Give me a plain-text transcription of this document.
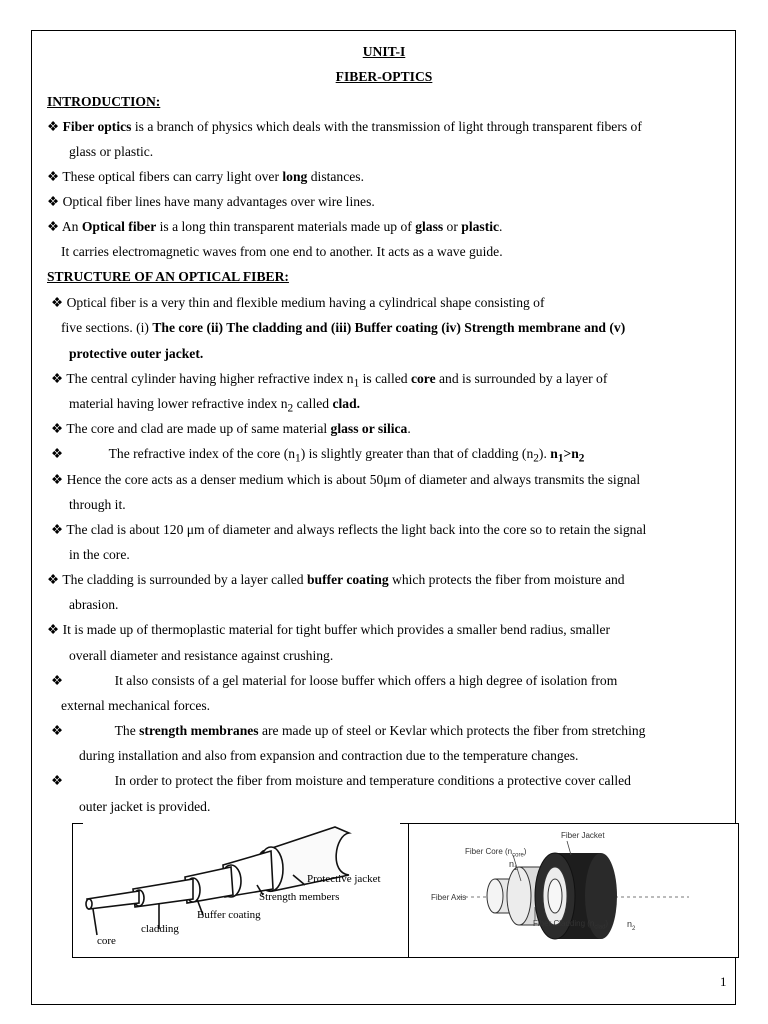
UNIT-I
FIBER-OPTICS
INTRODUCTION:
❖ Fiber optics is a branch of physics which deals with the transmission of light through transparent fibers of
glass or plastic.
❖ These optical fibers can carry light over long distances.
❖ Optical fiber lines have many advantages over wire lines.
❖ An Optical fiber is a long thin transparent materials made up of glass or plastic.
It carries electromagnetic waves from one end to another. It acts as a wave guide.
STRUCTURE OF AN OPTICAL FIBER:
❖ Optical fiber is a very thin and flexible medium having a cylindrical shape consisting of
five sections. (i) The core (ii) The cladding and (iii) Buffer coating (iv) Strength membrane and (v)
protective outer jacket.
❖ The central cylinder having higher refractive index $n_1$ is called core and is surrounded by a layer of
material having lower refractive index $n_2$ called clad.
❖ The core and clad are made up of same material glass or silica.
❖	The refractive index of the core $(n_1)$ is slightly greater than that of cladding $(n_2)$. $n_1>n_2$
❖ Hence the core acts as a denser medium which is about 50μm of diameter and always transmits the signal
through it.
❖ The clad is about 120 μm of diameter and always reflects the light back into the core so to retain the signal
in the core.
❖ The cladding is surrounded by a layer called buffer coating which protects the fiber from moisture and
abrasion.
❖ It is made up of thermoplastic material for tight buffer which provides a smaller bend radius, smaller
overall diameter and resistance against crushing.
❖	It also consists of a gel material for loose buffer which offers a high degree of isolation from
external mechanical forces.
❖	The strength membranes are made up of steel or Kevlar which protects the fiber from stretching
during installation and also from expansion and contraction due to the temperature changes.
❖	In order to protect the fiber from moisture and temperature conditions a protective cover called
outer jacket is provided.
Protective jacket
Strength members
Buffer coating
cladding
core
Fiber Jacket
Fiber Core $(n_{core})$
$n_1$
Fiber Axis
Fiber Cladding $(n_{clad})$ $n_2$
1
